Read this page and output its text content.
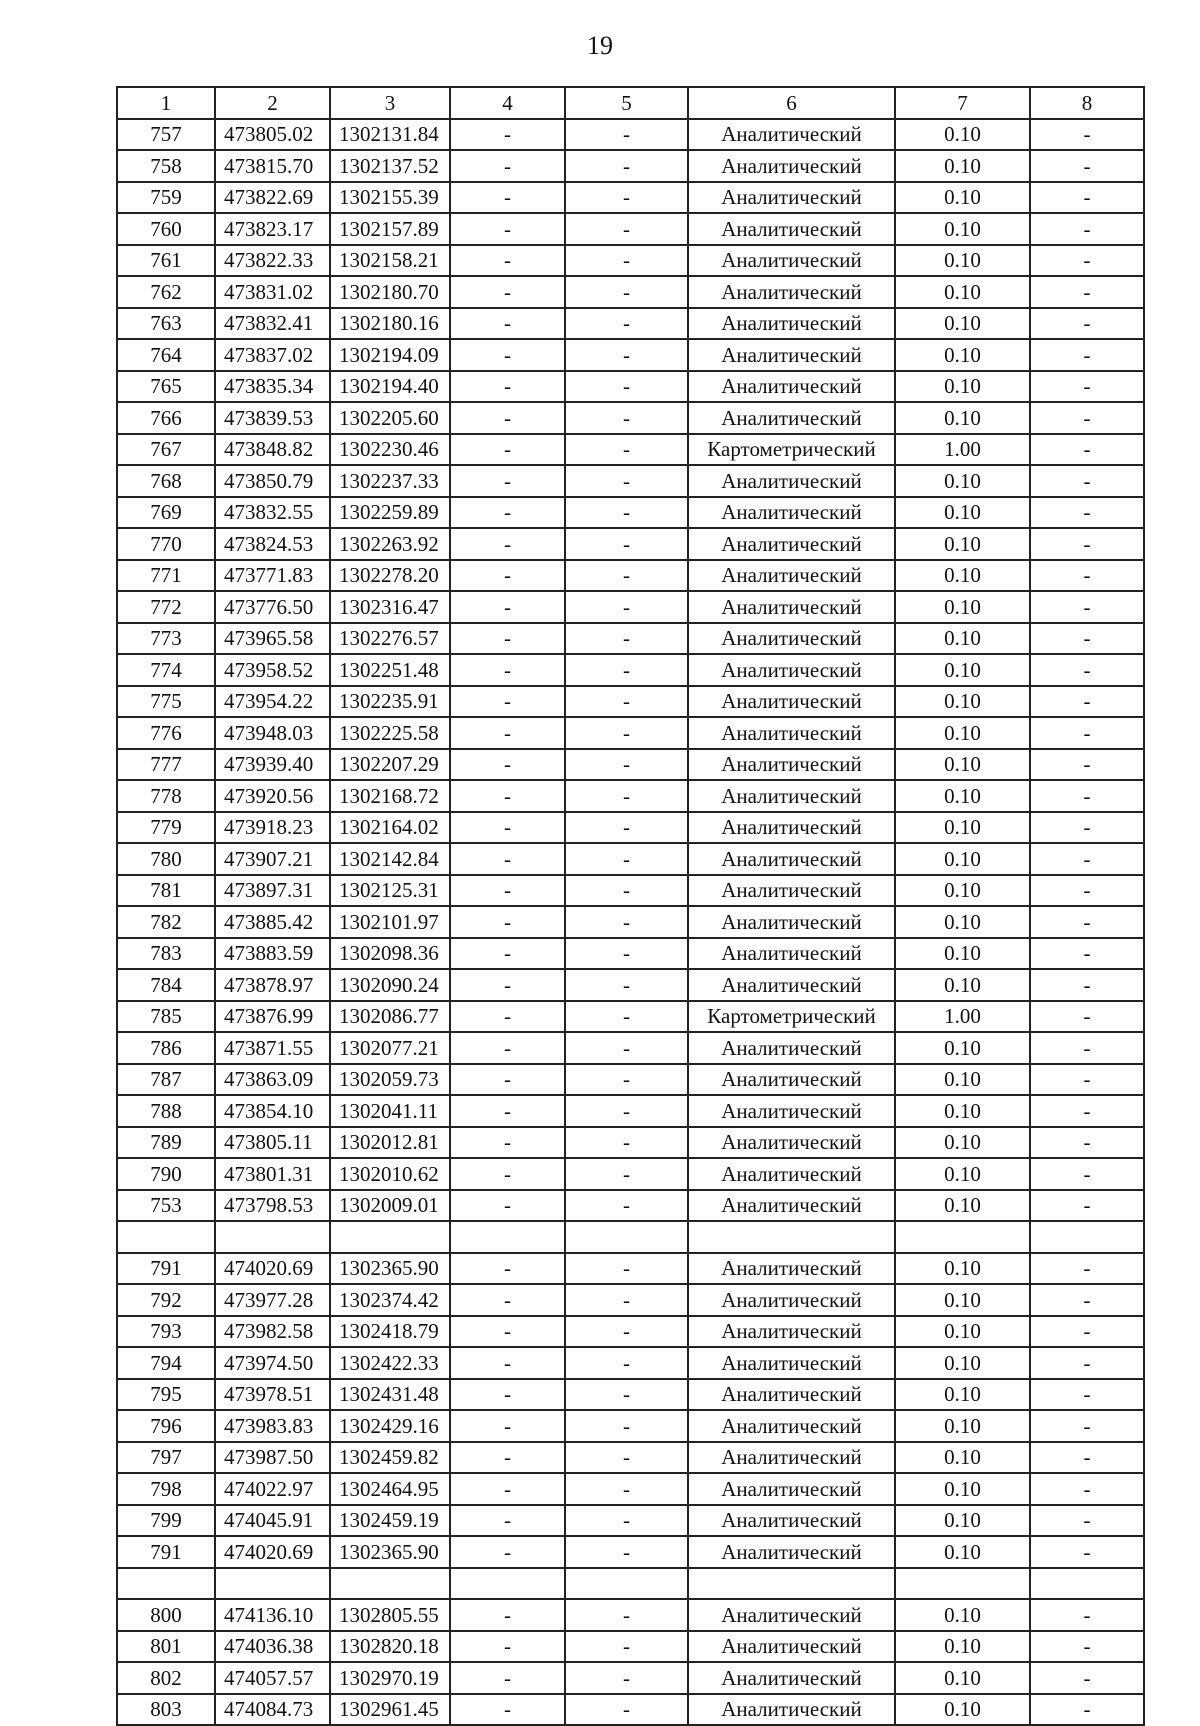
19
1	2	3	4	5	6	7	8
757	473805.02	1302131.84	-	-	Аналитический	0.10	-
758	473815.70	1302137.52	-	-	Аналитический	0.10	-
759	473822.69	1302155.39	-	-	Аналитический	0.10	-
760	473823.17	1302157.89	-	-	Аналитический	0.10	-
761	473822.33	1302158.21	-	-	Аналитический	0.10	-
762	473831.02	1302180.70	-	-	Аналитический	0.10	-
763	473832.41	1302180.16	-	-	Аналитический	0.10	-
764	473837.02	1302194.09	-	-	Аналитический	0.10	-
765	473835.34	1302194.40	-	-	Аналитический	0.10	-
766	473839.53	1302205.60	-	-	Аналитический	0.10	-
767	473848.82	1302230.46	-	-	Картометрический	1.00	-
768	473850.79	1302237.33	-	-	Аналитический	0.10	-
769	473832.55	1302259.89	-	-	Аналитический	0.10	-
770	473824.53	1302263.92	-	-	Аналитический	0.10	-
771	473771.83	1302278.20	-	-	Аналитический	0.10	-
772	473776.50	1302316.47	-	-	Аналитический	0.10	-
773	473965.58	1302276.57	-	-	Аналитический	0.10	-
774	473958.52	1302251.48	-	-	Аналитический	0.10	-
775	473954.22	1302235.91	-	-	Аналитический	0.10	-
776	473948.03	1302225.58	-	-	Аналитический	0.10	-
777	473939.40	1302207.29	-	-	Аналитический	0.10	-
778	473920.56	1302168.72	-	-	Аналитический	0.10	-
779	473918.23	1302164.02	-	-	Аналитический	0.10	-
780	473907.21	1302142.84	-	-	Аналитический	0.10	-
781	473897.31	1302125.31	-	-	Аналитический	0.10	-
782	473885.42	1302101.97	-	-	Аналитический	0.10	-
783	473883.59	1302098.36	-	-	Аналитический	0.10	-
784	473878.97	1302090.24	-	-	Аналитический	0.10	-
785	473876.99	1302086.77	-	-	Картометрический	1.00	-
786	473871.55	1302077.21	-	-	Аналитический	0.10	-
787	473863.09	1302059.73	-	-	Аналитический	0.10	-
788	473854.10	1302041.11	-	-	Аналитический	0.10	-
789	473805.11	1302012.81	-	-	Аналитический	0.10	-
790	473801.31	1302010.62	-	-	Аналитический	0.10	-
753	473798.53	1302009.01	-	-	Аналитический	0.10	-

791	474020.69	1302365.90	-	-	Аналитический	0.10	-
792	473977.28	1302374.42	-	-	Аналитический	0.10	-
793	473982.58	1302418.79	-	-	Аналитический	0.10	-
794	473974.50	1302422.33	-	-	Аналитический	0.10	-
795	473978.51	1302431.48	-	-	Аналитический	0.10	-
796	473983.83	1302429.16	-	-	Аналитический	0.10	-
797	473987.50	1302459.82	-	-	Аналитический	0.10	-
798	474022.97	1302464.95	-	-	Аналитический	0.10	-
799	474045.91	1302459.19	-	-	Аналитический	0.10	-
791	474020.69	1302365.90	-	-	Аналитический	0.10	-

800	474136.10	1302805.55	-	-	Аналитический	0.10	-
801	474036.38	1302820.18	-	-	Аналитический	0.10	-
802	474057.57	1302970.19	-	-	Аналитический	0.10	-
803	474084.73	1302961.45	-	-	Аналитический	0.10	-
